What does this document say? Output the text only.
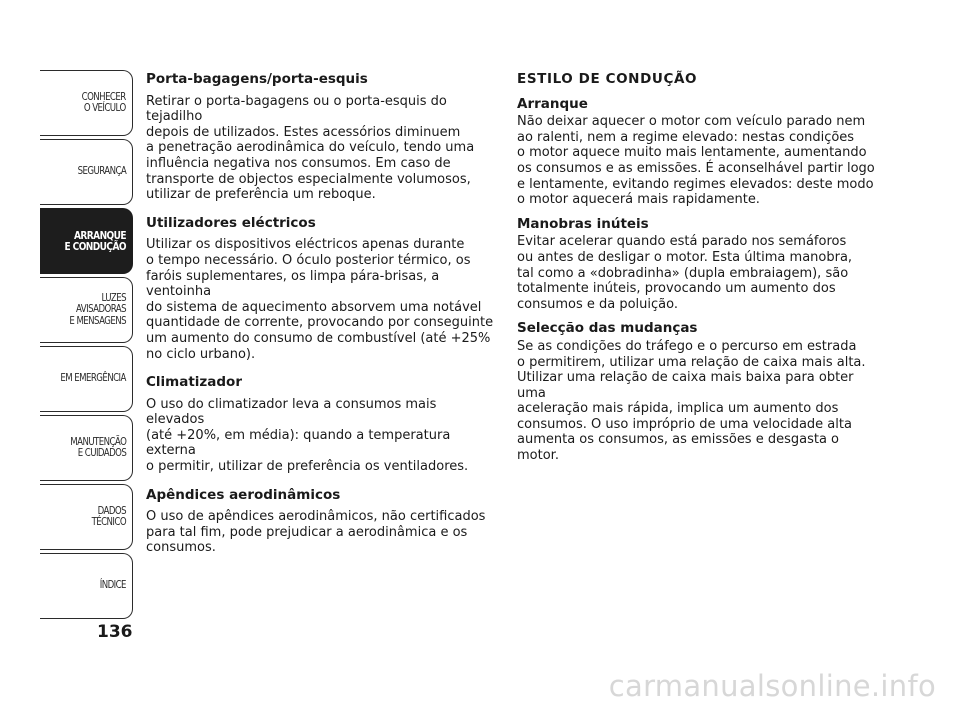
CONHECER
O VEÍCULO
SEGURANÇA
ARRANQUE
E CONDUÇÃO
LUZES
AVISADORAS
E MENSAGENS
EM EMERGÊNCIA
MANUTENÇÃO
E CUIDADOS
DADOS
TÉCNICO
ÍNDICE
136
Porta-bagagens/porta-esquis
Retirar o porta-bagagens ou o porta-esquis do tejadilho
depois de utilizados. Estes acessórios diminuem
a penetração aerodinâmica do veículo, tendo uma
influência negativa nos consumos. Em caso de
transporte de objectos especialmente volumosos,
utilizar de preferência um reboque.
Utilizadores eléctricos
Utilizar os dispositivos eléctricos apenas durante
o tempo necessário. O óculo posterior térmico, os
faróis suplementares, os limpa pára-brisas, a ventoinha
do sistema de aquecimento absorvem uma notável
quantidade de corrente, provocando por conseguinte
um aumento do consumo de combustível (até +25%
no ciclo urbano).
Climatizador
O uso do climatizador leva a consumos mais elevados
(até +20%, em média): quando a temperatura externa
o permitir, utilizar de preferência os ventiladores.
Apêndices aerodinâmicos
O uso de apêndices aerodinâmicos, não certificados
para tal fim, pode prejudicar a aerodinâmica e os
consumos.
ESTILO DE CONDUÇÃO
Arranque
Não deixar aquecer o motor com veículo parado nem
ao ralenti, nem a regime elevado: nestas condições
o motor aquece muito mais lentamente, aumentando
os consumos e as emissões. É aconselhável partir logo
e lentamente, evitando regimes elevados: deste modo
o motor aquecerá mais rapidamente.
Manobras inúteis
Evitar acelerar quando está parado nos semáforos
ou antes de desligar o motor. Esta última manobra,
tal como a «dobradinha» (dupla embraiagem), são
totalmente inúteis, provocando um aumento dos
consumos e da poluição.
Selecção das mudanças
Se as condições do tráfego e o percurso em estrada
o permitirem, utilizar uma relação de caixa mais alta.
Utilizar uma relação de caixa mais baixa para obter uma
aceleração mais rápida, implica um aumento dos
consumos. O uso impróprio de uma velocidade alta
aumenta os consumos, as emissões e desgasta o motor.
carmanualsonline.info
